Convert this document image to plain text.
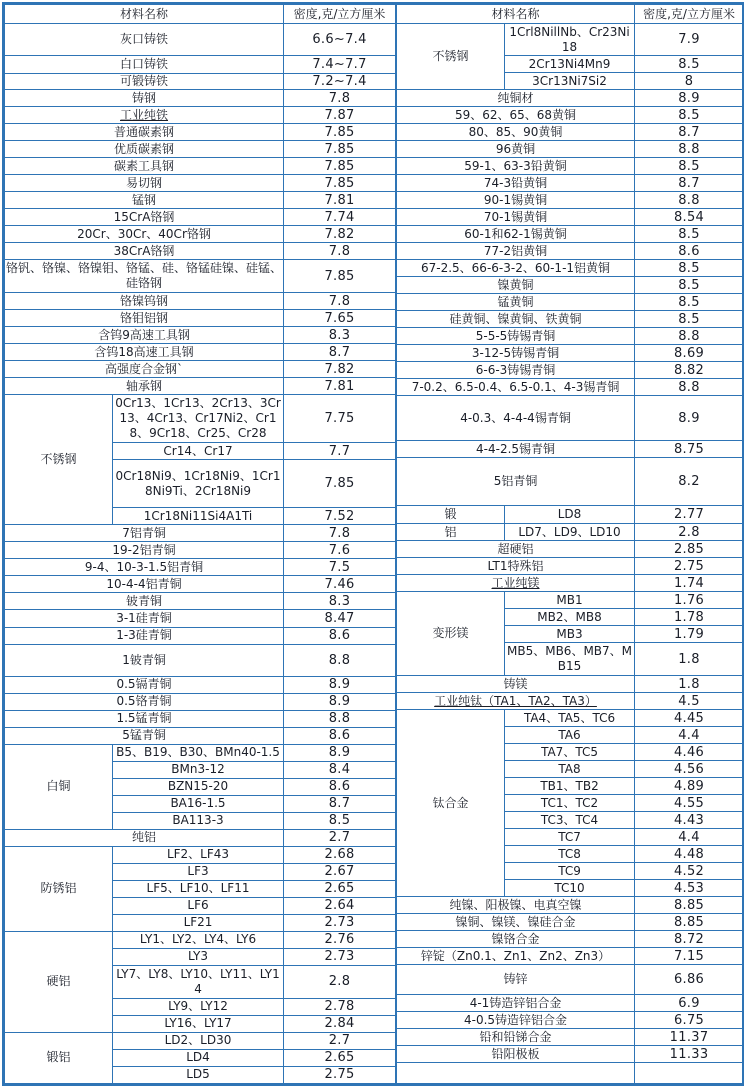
材料名称		密度,克/立方厘米
灰口铸铁		6.6~7.4
白口铸铁		7.4~7.7
可锻铸铁		7.2~7.4
铸钢		7.8
工业纯铁		7.87
普通碳素钢		7.85
优质碳素钢		7.85
碳素工具钢		7.85
易切钢		7.85
锰钢		7.81
15CrA铬钢		7.74
20Cr、30Cr、40Cr铬钢		7.82
38CrA铬钢		7.8
铬钒、铬镍、铬镍钼、铬锰、硅、铬锰硅镍、硅锰、硅铬钢		7.85
铬镍钨钢		7.8
铬钼铝钢		7.65
含钨9高速工具钢		8.3
含钨18高速工具钢		8.7
高强度合金钢`		7.82
轴承钢		7.81
不锈钢	0Cr13、1Cr13、2Cr13、3Cr13、4Cr13、Cr17Ni2、Cr18、9Cr18、Cr25、Cr28	7.75
	Cr14、Cr17	7.7
	0Cr18Ni9、1Cr18Ni9、1Cr18Ni9Ti、2Cr18Ni9	7.85
	1Cr18Ni11Si4A1Ti	7.52
7铝青铜		7.8
19-2铝青铜		7.6
9-4、10-3-1.5铝青铜		7.5
10-4-4铝青铜		7.46
铍青铜		8.3
3-1硅青铜		8.47
1-3硅青铜		8.6
1铍青铜		8.8
0.5镉青铜		8.9
0.5铬青铜		8.9
1.5锰青铜		8.8
5锰青铜		8.6
白铜	B5、B19、B30、BMn40-1.5	8.9
	BMn3-12	8.4
	BZN15-20	8.6
	BA16-1.5	8.7
	BA113-3	8.5
纯铝		2.7
防锈铝	LF2、LF43	2.68
	LF3	2.67
	LF5、LF10、LF11	2.65
	LF6	2.64
	LF21	2.73
硬铝	LY1、LY2、LY4、LY6	2.76
	LY3	2.73
	LY7、LY8、LY10、LY11、LY14	2.8
	LY9、LY12	2.78
	LY16、LY17	2.84
锻铝	LD2、LD30	2.7
	LD4	2.65
	LD5	2.75
材料名称		密度,克/立方厘米
不锈钢	1Crl8NillNb、Cr23Ni18	7.9
	2Cr13Ni4Mn9	8.5
	3Cr13Ni7Si2	8
纯铜材		8.9
59、62、65、68黄铜		8.5
80、85、90黄铜		8.7
96黄铜		8.8
59-1、63-3铅黄铜		8.5
74-3铅黄铜		8.7
90-1锡黄铜		8.8
70-1锡黄铜		8.54
60-1和62-1锡黄铜		8.5
77-2铝黄铜		8.6
67-2.5、66-6-3-2、60-1-1铝黄铜		8.5
镍黄铜		8.5
锰黄铜		8.5
硅黄铜、镍黄铜、铁黄铜		8.5
5-5-5铸锡青铜		8.8
3-12-5铸锡青铜		8.69
6-6-3铸锡青铜		8.82
7-0.2、6.5-0.4、6.5-0.1、4-3锡青铜		8.8
4-0.3、4-4-4锡青铜		8.9
4-4-2.5锡青铜		8.75
5铝青铜		8.2
锻	LD8	2.77
铝	LD7、LD9、LD10	2.8
超硬铝		2.85
LT1特殊铝		2.75
工业纯镁		1.74
变形镁	MB1	1.76
	MB2、MB8	1.78
	MB3	1.79
	MB5、MB6、MB7、MB15	1.8
铸镁		1.8
工业纯钛（TA1、TA2、TA3）		4.5
钛合金	TA4、TA5、TC6	4.45
	TA6	4.4
	TA7、TC5	4.46
	TA8	4.56
	TB1、TB2	4.89
	TC1、TC2	4.55
	TC3、TC4	4.43
	TC7	4.4
	TC8	4.48
	TC9	4.52
	TC10	4.53
纯镍、阳极镍、电真空镍		8.85
镍铜、镍镁、镍硅合金		8.85
镍铬合金		8.72
锌锭（Zn0.1、Zn1、Zn2、Zn3）		7.15
铸锌		6.86
4-1铸造锌铝合金		6.9
4-0.5铸造锌铝合金		6.75
铅和铅锑合金		11.37
铅阳极板		11.33
